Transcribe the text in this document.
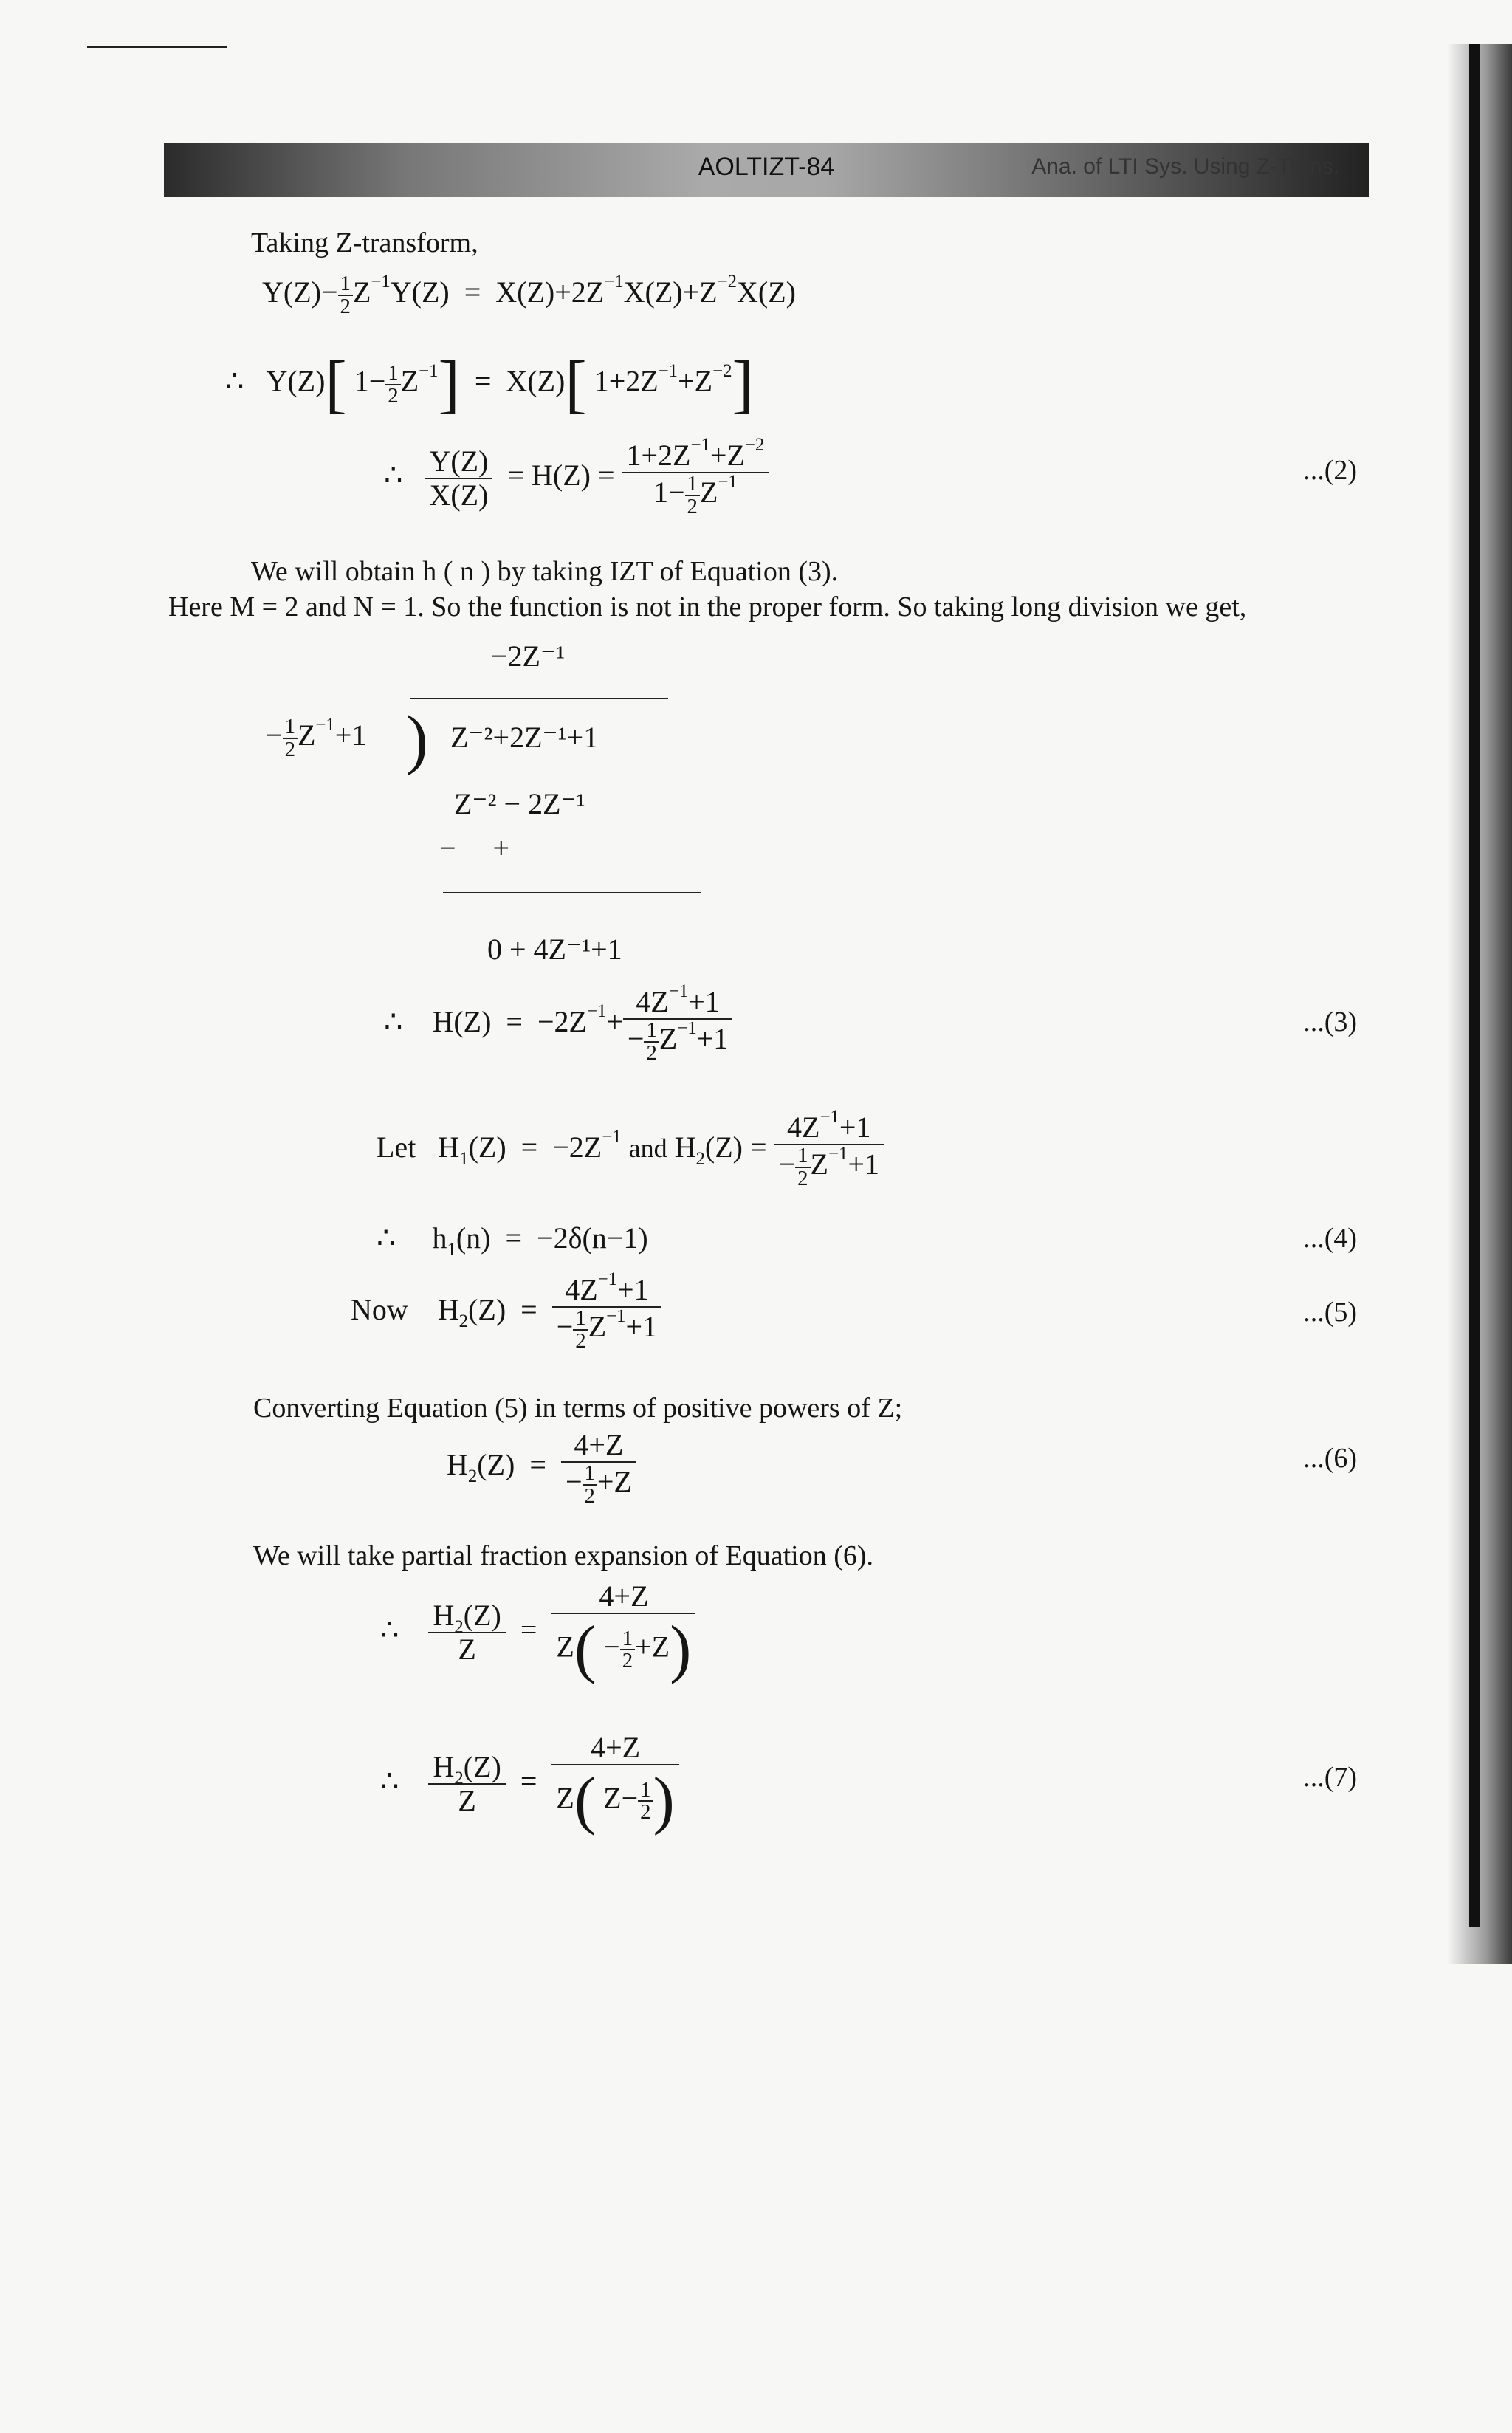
AOLTIZT-84	Ana. of LTI Sys. Using Z-Trans.
Taking Z-transform,
$Y(Z)- \frac{1}{2} Z^{-1}Y(Z) = X(Z)+2Z^{-1}X(Z)+Z^{-2}X(Z)$
∴   Y(Z)[ $1- \frac{1}{2} Z^{-1}] = X(Z)$[ $1+2Z^{-1}+Z^{-2}$]
∴ $\frac{Y(Z)}{X(Z)} = H(Z) = \frac{1+2Z^{-1}+Z^{-2}}{1- \frac{1}{2} Z^{-1}}$	...(2)
We will obtain h ( n ) by taking IZT of Equation (3).
Here M = 2 and N = 1. So the function is not in the proper form. So taking long division we get,
−2Z⁻¹
− $\frac{1}{2} Z^{-1}+1$ ) Z⁻²+2Z⁻¹+1
Z⁻² − 2Z⁻¹
−     +
0 + 4Z⁻¹+1
∴    $H(Z) = -2Z^{-1}+ \frac{4Z^{-1}+1}{- \frac{1}{2} Z^{-1}+1}$	...(3)
Let   $H_1(Z) = -2Z^{-1}$ and $H_2(Z) = \frac{4Z^{-1}+1}{- \frac{1}{2} Z^{-1}+1}$
∴     $h_1(n) = -2\delta(n-1)$	...(4)
Now    $H_2(Z) = \frac{4Z^{-1}+1}{- \frac{1}{2} Z^{-1}+1}$	...(5)
Converting Equation (5) in terms of positive powers of Z;
$H_2(Z) = \frac{4+Z}{- \frac{1}{2} +Z}$	...(6)
We will take partial fraction expansion of Equation (6).
∴ $\frac{H_2(Z)}{Z} = \frac{4+Z}{Z( - \frac{1}{2} +Z)}$
∴ $\frac{H_2(Z)}{Z} = \frac{4+Z}{Z( Z- \frac{1}{2} )}$	...(7)
